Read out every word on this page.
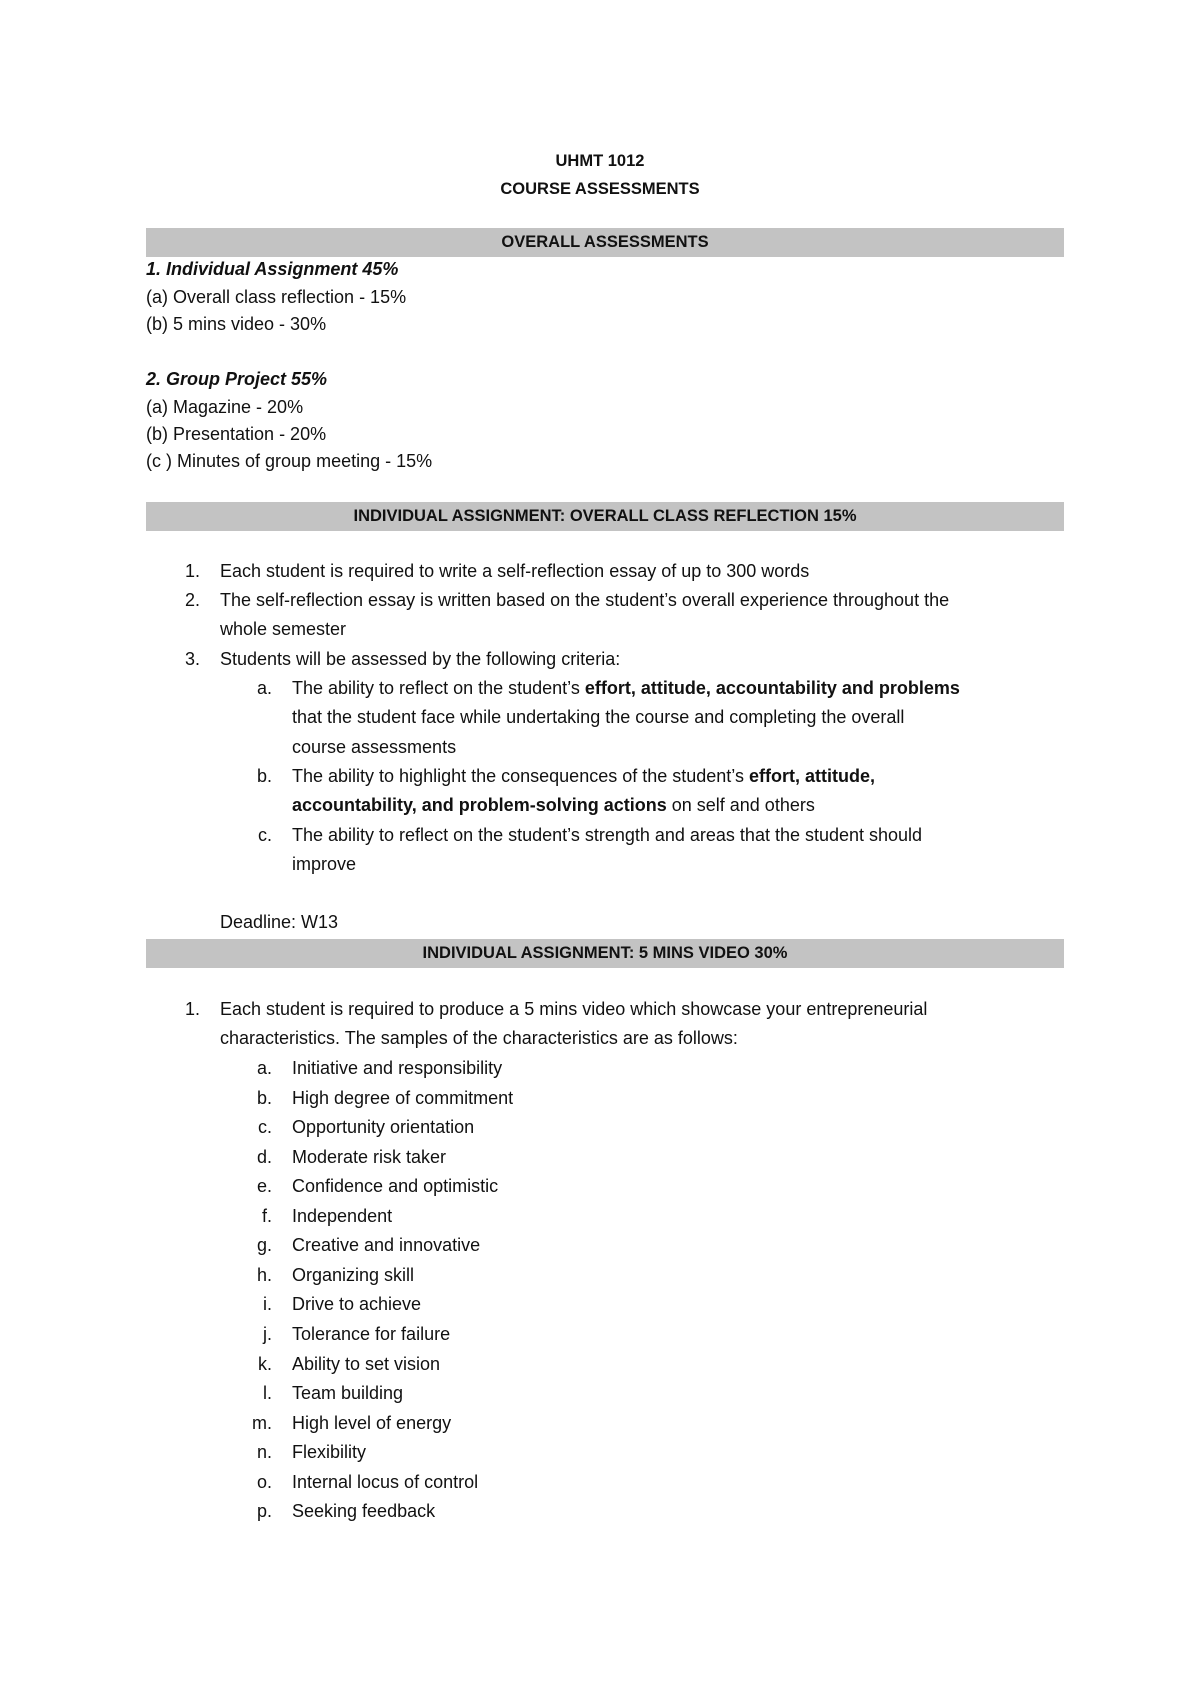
UHMT 1012
COURSE ASSESSMENTS
OVERALL ASSESSMENTS
1. Individual Assignment 45%
(a) Overall class reflection - 15%
(b) 5 mins video - 30%
2. Group Project 55%
(a) Magazine - 20%
(b) Presentation - 20%
(c ) Minutes of group meeting - 15%
INDIVIDUAL ASSIGNMENT: OVERALL CLASS REFLECTION 15%
1. Each student is required to write a self-reflection essay of up to 300 words
2. The self-reflection essay is written based on the student’s overall experience throughout the
whole semester
3. Students will be assessed by the following criteria:
a. The ability to reflect on the student’s effort, attitude, accountability and problems
that the student face while undertaking the course and completing the overall
course assessments
b. The ability to highlight the consequences of the student’s effort, attitude,
accountability, and problem-solving actions on self and others
c. The ability to reflect on the student’s strength and areas that the student should
improve
Deadline: W13
INDIVIDUAL ASSIGNMENT: 5 MINS VIDEO 30%
1. Each student is required to produce a 5 mins video which showcase your entrepreneurial
characteristics. The samples of the characteristics are as follows:
a. Initiative and responsibility
b. High degree of commitment
c. Opportunity orientation
d. Moderate risk taker
e. Confidence and optimistic
f. Independent
g. Creative and innovative
h. Organizing skill
i. Drive to achieve
j. Tolerance for failure
k. Ability to set vision
l. Team building
m. High level of energy
n. Flexibility
o. Internal locus of control
p. Seeking feedback
